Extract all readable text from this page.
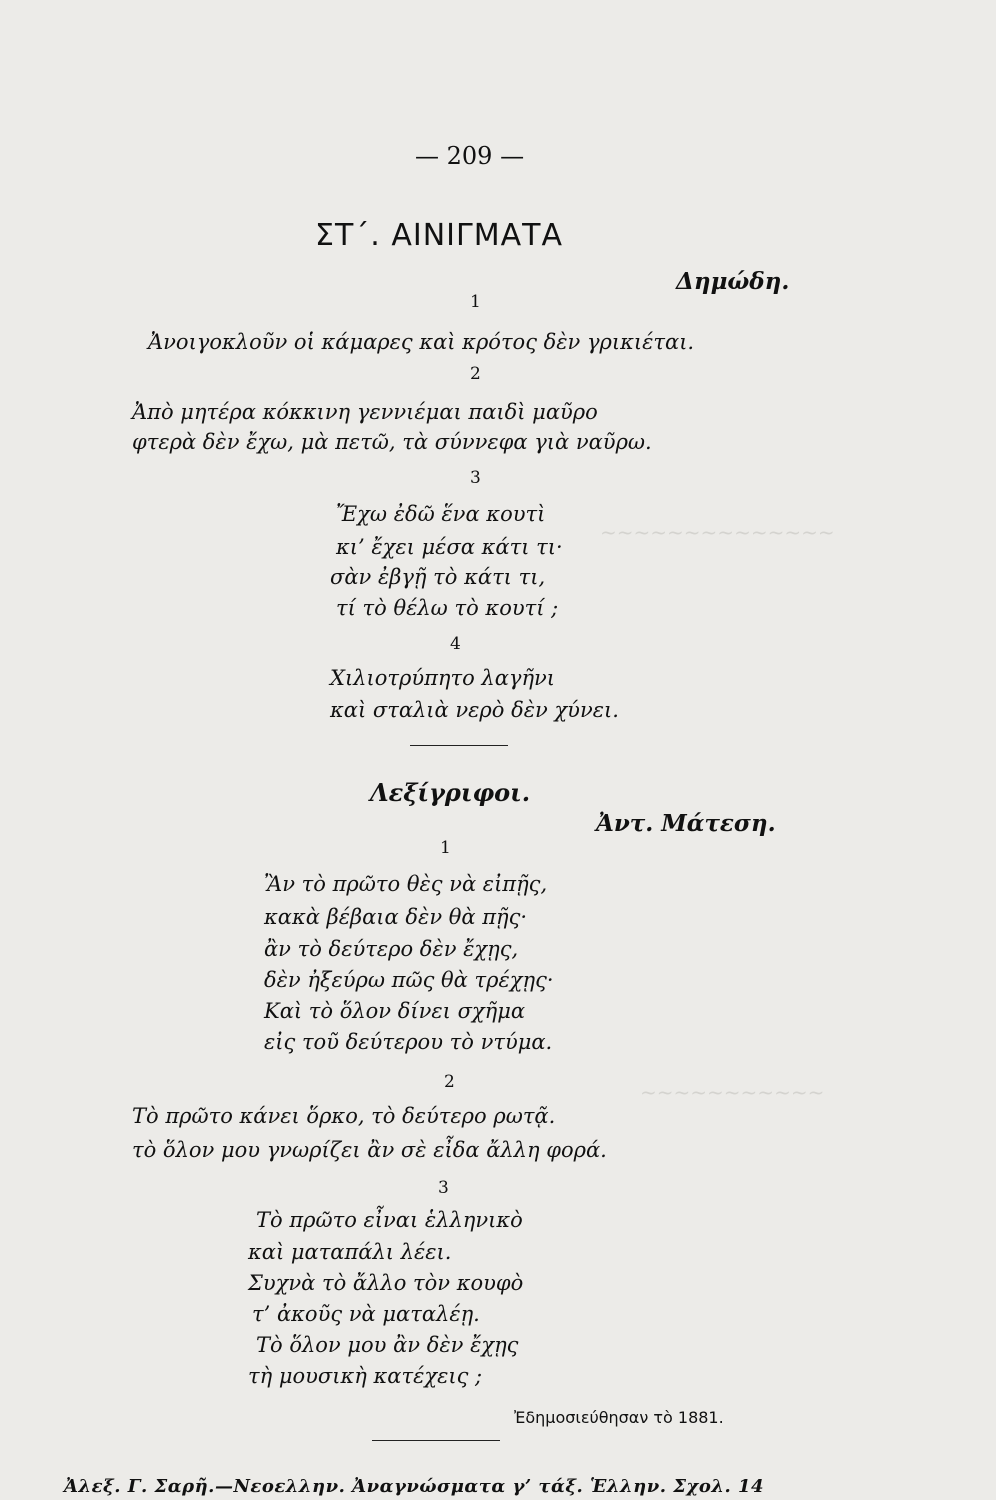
~~~~~~~~~~~~~~
~~~~~~~~~~~
— 209 —
ΣΤ΄. ΑΙΝΙΓΜΑΤΑ
Δημώδη.
1
Ἀνοιγοκλοῦν οἱ κάμαρες καὶ κρότος δὲν γρικιέται.
2
Ἀπὸ μητέρα κόκκινη γεννιέμαι παιδὶ μαῦρο
φτερὰ δὲν ἔχω, μὰ πετῶ, τὰ σύννεφα γιὰ ναῦρω.
3
Ἔχω ἐδῶ ἕνα κουτὶ
κι’ ἔχει μέσα κάτι τι·
σὰν ἐβγῇ τὸ κάτι τι,
τί τὸ θέλω τὸ κουτί ;
4
Χιλιοτρύπητο λαγῆνι
καὶ σταλιὰ νερὸ δὲν χύνει.
Λεξίγριφοι.
Ἀντ. Μάτεση.
1
Ἂν τὸ πρῶτο θὲς νὰ εἰπῇς,
κακὰ βέβαια δὲν θὰ πῇς·
ἂν τὸ δεύτερο δὲν ἔχῃς,
δὲν ἠξεύρω πῶς θὰ τρέχῃς·
Καὶ τὸ ὅλον δίνει σχῆμα
εἰς τοῦ δεύτερου τὸ ντύμα.
2
Τὸ πρῶτο κάνει ὅρκο, τὸ δεύτερο ρωτᾷ.
τὸ ὅλον μου γνωρίζει ἂν σὲ εἶδα ἄλλη φορά.
3
Τὸ πρῶτο εἶναι ἑλληνικὸ
καὶ ματαπάλι λέει.
Συχνὰ τὸ ἄλλο τὸν κουφὸ
τ’ ἀκοῦς νὰ ματαλέῃ.
Τὸ ὅλον μου ἂν δὲν ἔχῃς
τὴ μουσικὴ κατέχεις ;
Ἐδημοσιεύθησαν τὸ 1881.
Ἀλεξ. Γ. Σαρῆ.—Νεοελλην. Ἀναγνώσματα γ’ τάξ. Ἑλλην. Σχολ. 14
